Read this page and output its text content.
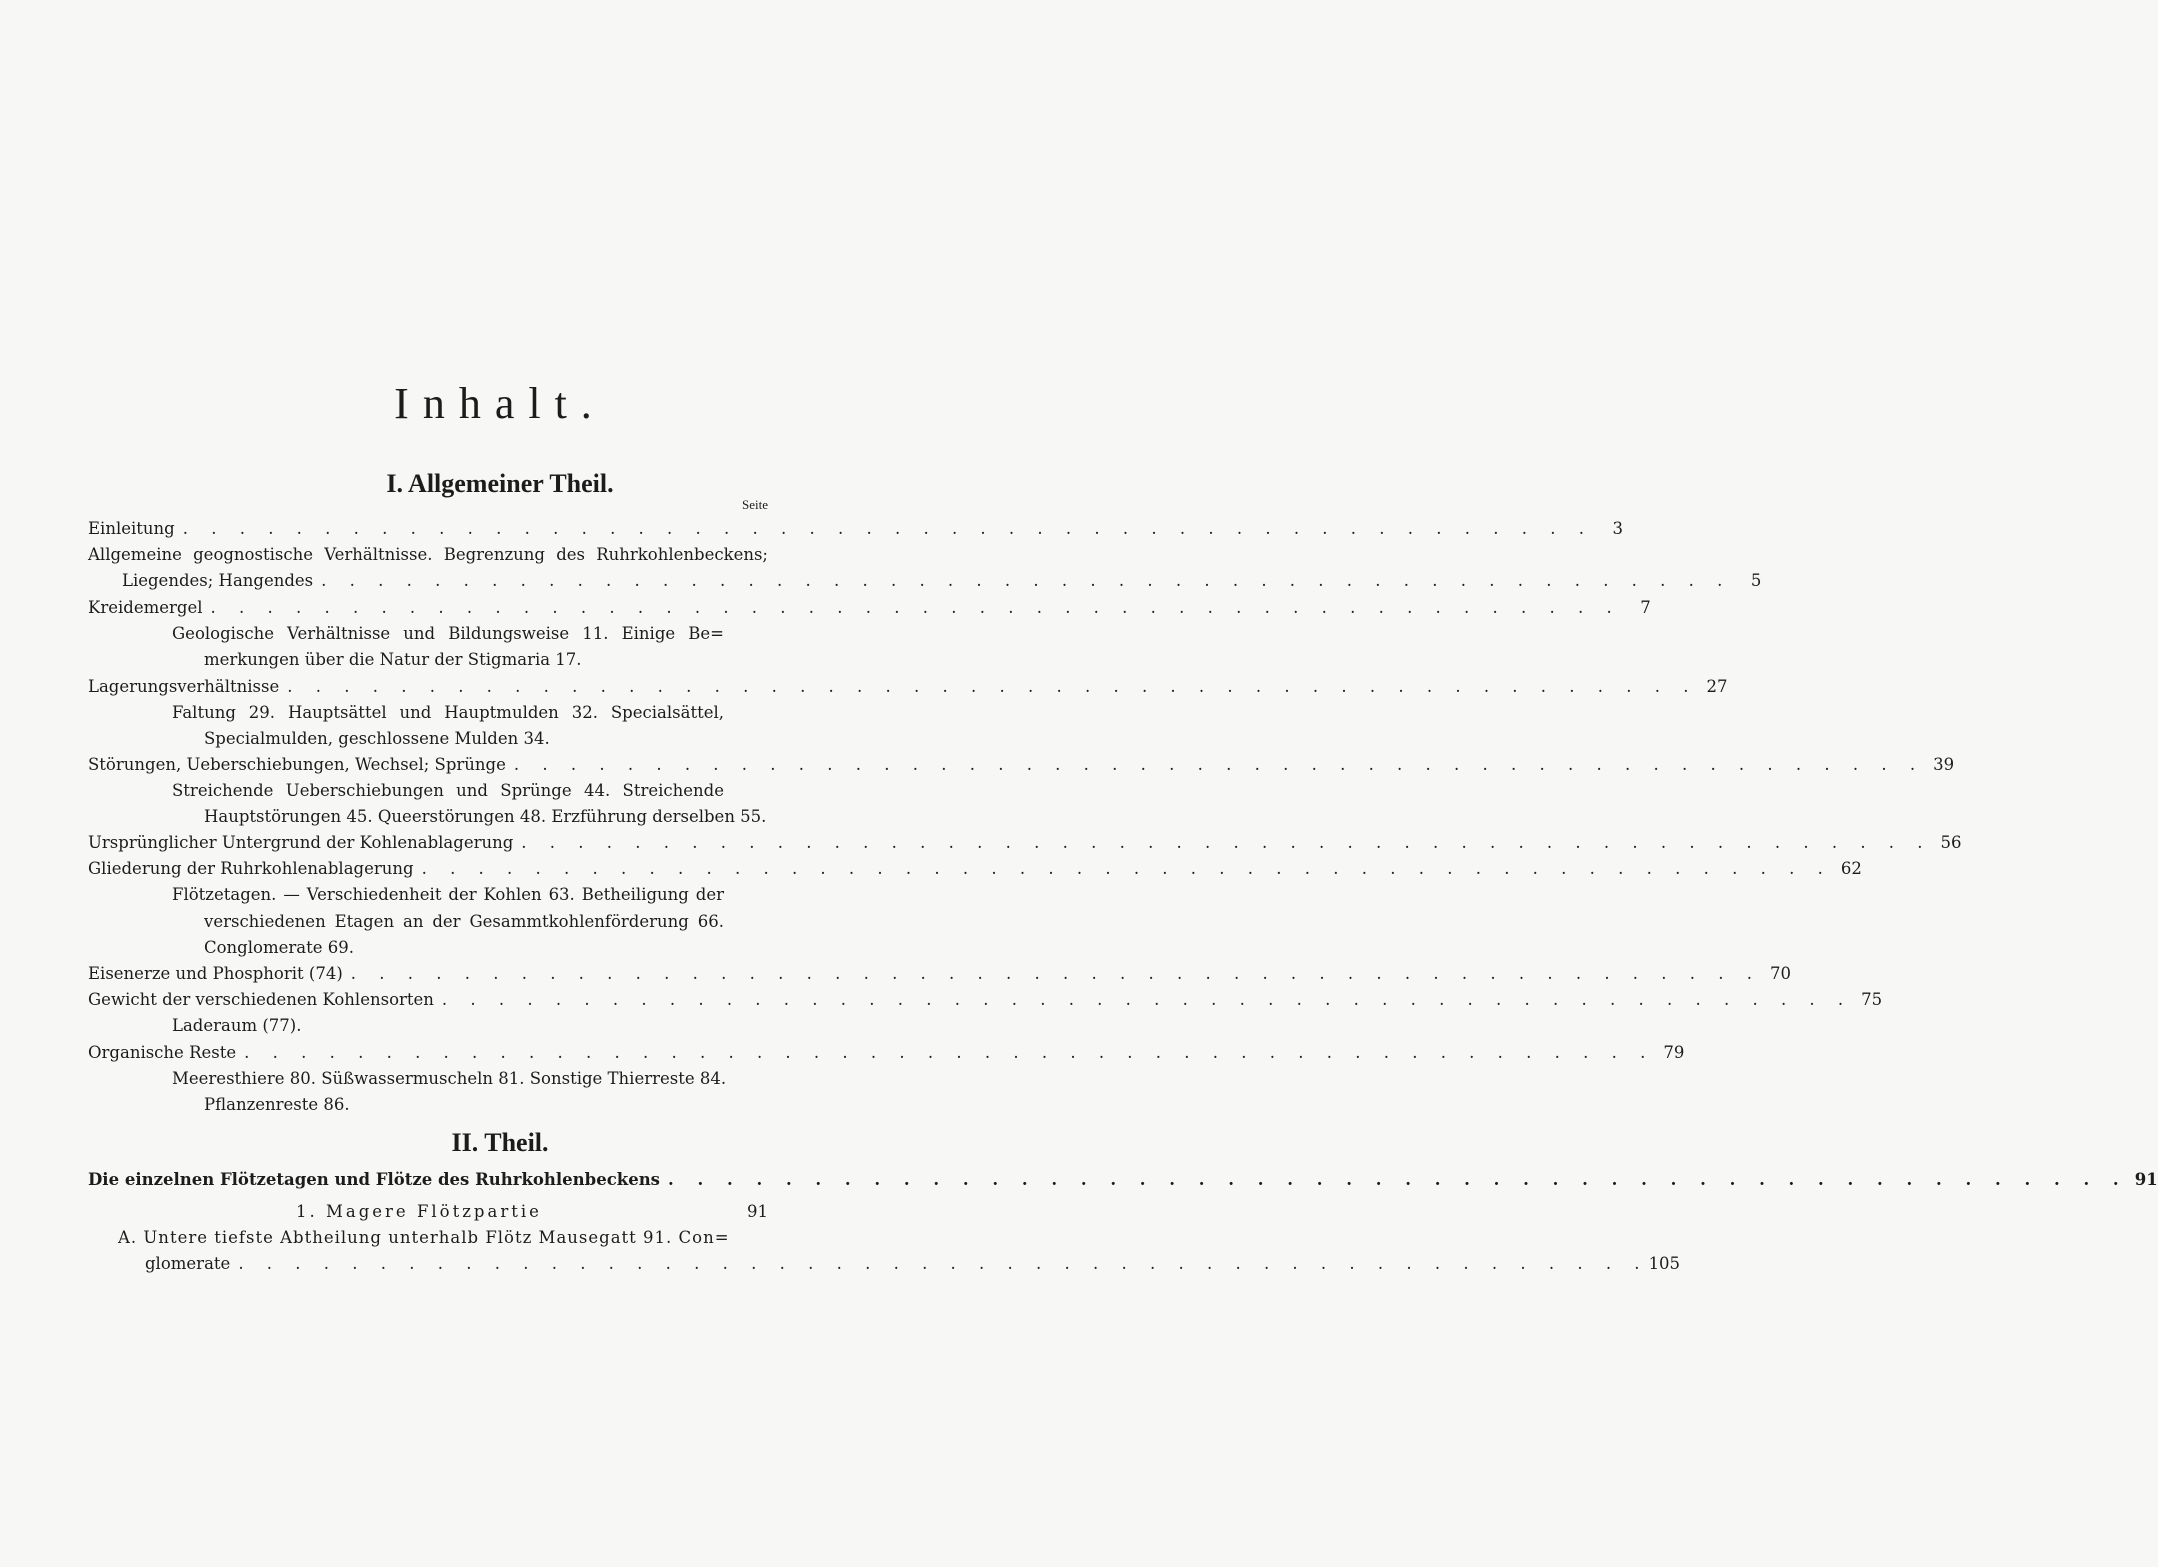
Inhalt.
I. Allgemeiner Theil.
Seite
Einleitung . . . . . . . . . . . . . . . . . . . . . . . . . . . . . . . . . . . . . . . . . . . . . . . . . .	3
Allgemeine geognostische Verhältnisse. Begrenzung des Ruhrkohlenbeckens;
Liegendes; Hangendes . . . . . . . . . . . . . . . . . . . . . . . . . . . . . . . . . . . . . . . . . . . . . . . . . .	5
Kreidemergel . . . . . . . . . . . . . . . . . . . . . . . . . . . . . . . . . . . . . . . . . . . . . . . . . .	7
Geologische Verhältnisse und Bildungsweise 11. Einige Be=
merkungen über die Natur der Stigmaria 17.
Lagerungsverhältnisse . . . . . . . . . . . . . . . . . . . . . . . . . . . . . . . . . . . . . . . . . . . . . . . . . . 27
Faltung 29. Hauptsättel und Hauptmulden 32. Specialsättel,
Specialmulden, geschlossene Mulden 34.
Störungen, Ueberschiebungen, Wechsel; Sprünge . . . . . . . . . . . . . . . . . . . . . . . . . . . . . . . . . . . . . . . . . . . . . . . . . . 39
Streichende Ueberschiebungen und Sprünge 44. Streichende
Hauptstörungen 45. Queerstörungen 48. Erzführung derselben 55.
Ursprünglicher Untergrund der Kohlenablagerung . . . . . . . . . . . . . . . . . . . . . . . . . . . . . . . . . . . . . . . . . . . . . . . . . . 56
Gliederung der Ruhrkohlenablagerung . . . . . . . . . . . . . . . . . . . . . . . . . . . . . . . . . . . . . . . . . . . . . . . . . . 62
Flötzetagen. — Verschiedenheit der Kohlen 63. Betheiligung der
verschiedenen Etagen an der Gesammtkohlenförderung 66.
Conglomerate 69.
Eisenerze und Phosphorit (74) . . . . . . . . . . . . . . . . . . . . . . . . . . . . . . . . . . . . . . . . . . . . . . . . . . 70
Gewicht der verschiedenen Kohlensorten . . . . . . . . . . . . . . . . . . . . . . . . . . . . . . . . . . . . . . . . . . . . . . . . . . 75
Laderaum (77).
Organische Reste . . . . . . . . . . . . . . . . . . . . . . . . . . . . . . . . . . . . . . . . . . . . . . . . . . 79
Meeresthiere 80. Süßwassermuscheln 81. Sonstige Thierreste 84.
Pflanzenreste 86.
II. Theil.
Die einzelnen Flötzetagen und Flötze des Ruhrkohlenbeckens . . . . . . . . . . . . . . . . . . . . . . . . . . . . . . . . . . . . . . . . . . . . . . . . . . 91
1. Magere Flötzpartie	91
A. Untere tiefste Abtheilung unterhalb Flötz Mausegatt 91. Con=
glomerate . . . . . . . . . . . . . . . . . . . . . . . . . . . . . . . . . . . . . . . . . . . . . . . . . . 105
